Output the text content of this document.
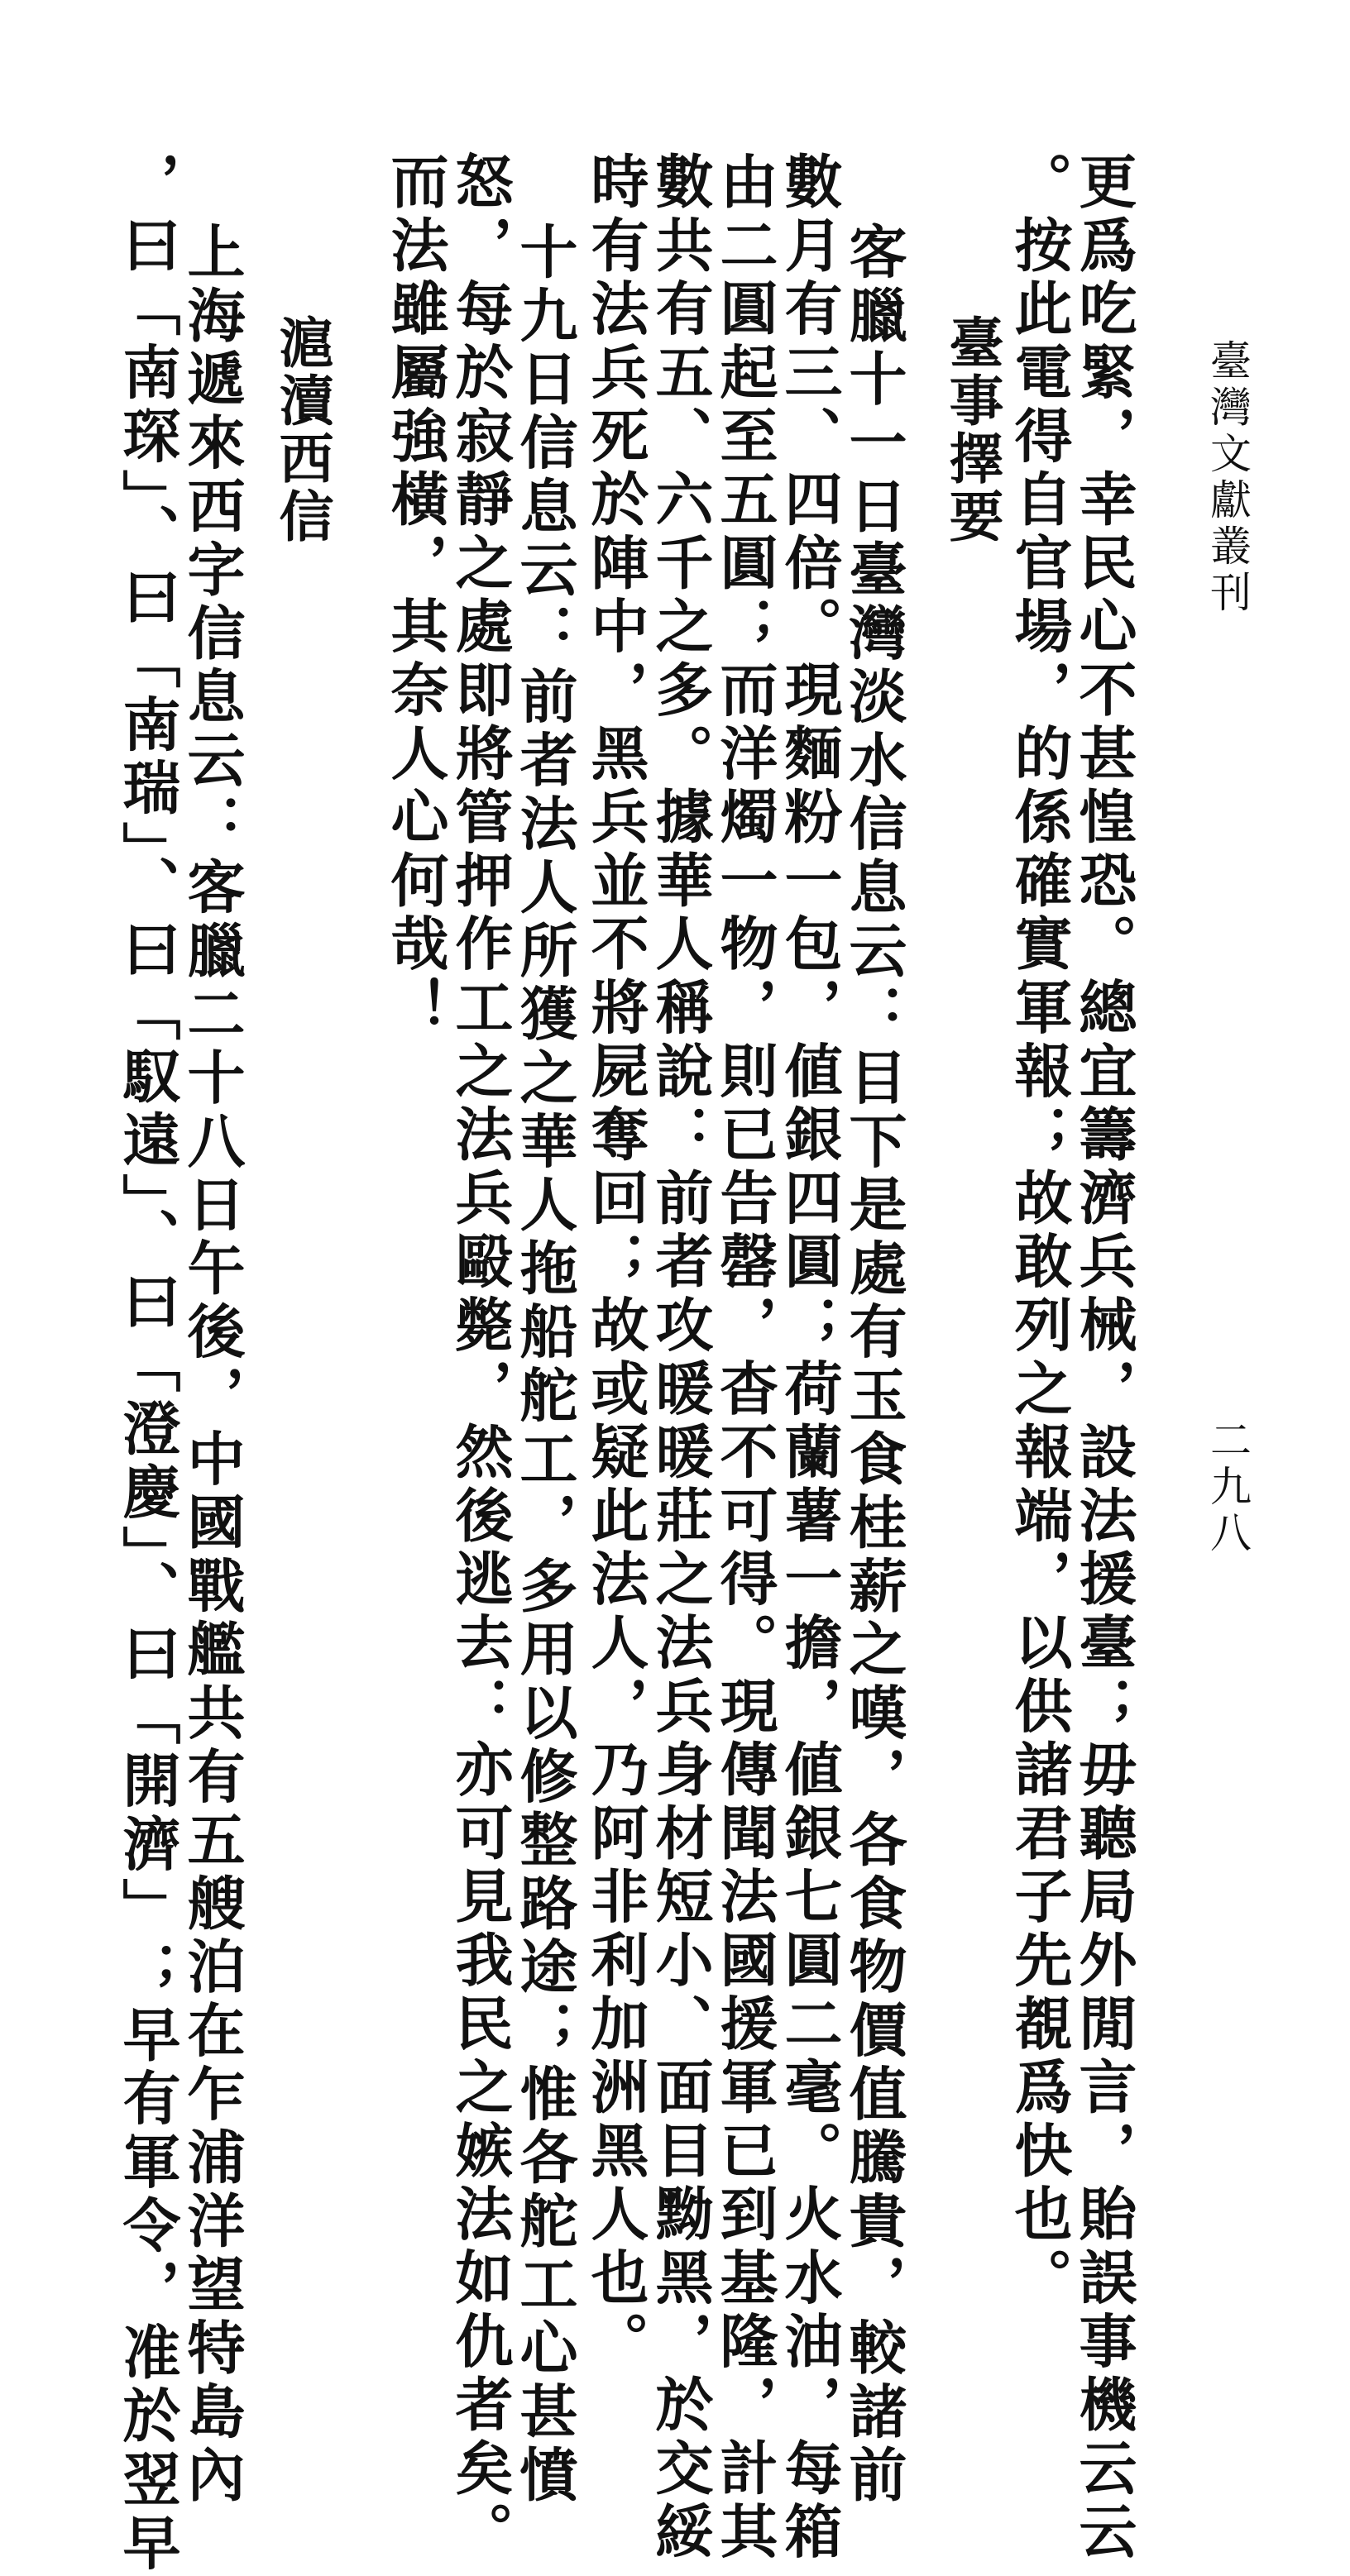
臺灣文獻叢刊
二九八

更爲吃緊，幸民心不甚惶恐。總宜籌濟兵械，設法援臺；毋聽局外閒言，貽誤事機云云

。按此電得自官場，的係確實軍報；故敢列之報端，以供諸君子先覩爲快也。

臺事擇要

客臘十一日臺灣淡水信息云：目下是處有玉食桂薪之嘆，各食物價值騰貴，較諸前

數月有三、四倍。現麵粉一包，値銀四圓；荷蘭薯一擔，値銀七圓二毫。火水油，每箱

由二圓起至五圓；而洋燭一物，則已告罄，杳不可得。現傳聞法國援軍已到基隆，計其

數共有五、六千之多。據華人稱說：前者攻暖暖莊之法兵身材短小、面目黝黑，於交綏

時有法兵死於陣中，黑兵並不將屍奪回；故或疑此法人，乃阿非利加洲黑人也。

十九日信息云：前者法人所獲之華人拖船舵工，多用以修整路途；惟各舵工心甚憤

怒，每於寂靜之處即將管押作工之法兵毆斃，然後逃去：亦可見我民之嫉法如仇者矣。

而法雖屬強橫，其奈人心何哉！

滬瀆西信

上海遞來西字信息云：客臘二十八日午後，中國戰艦共有五艘泊在乍浦洋望特島內

，曰「南琛」、曰「南瑞」、曰「馭遠」、曰「澄慶」、曰「開濟」；早有軍令，准於翌早
